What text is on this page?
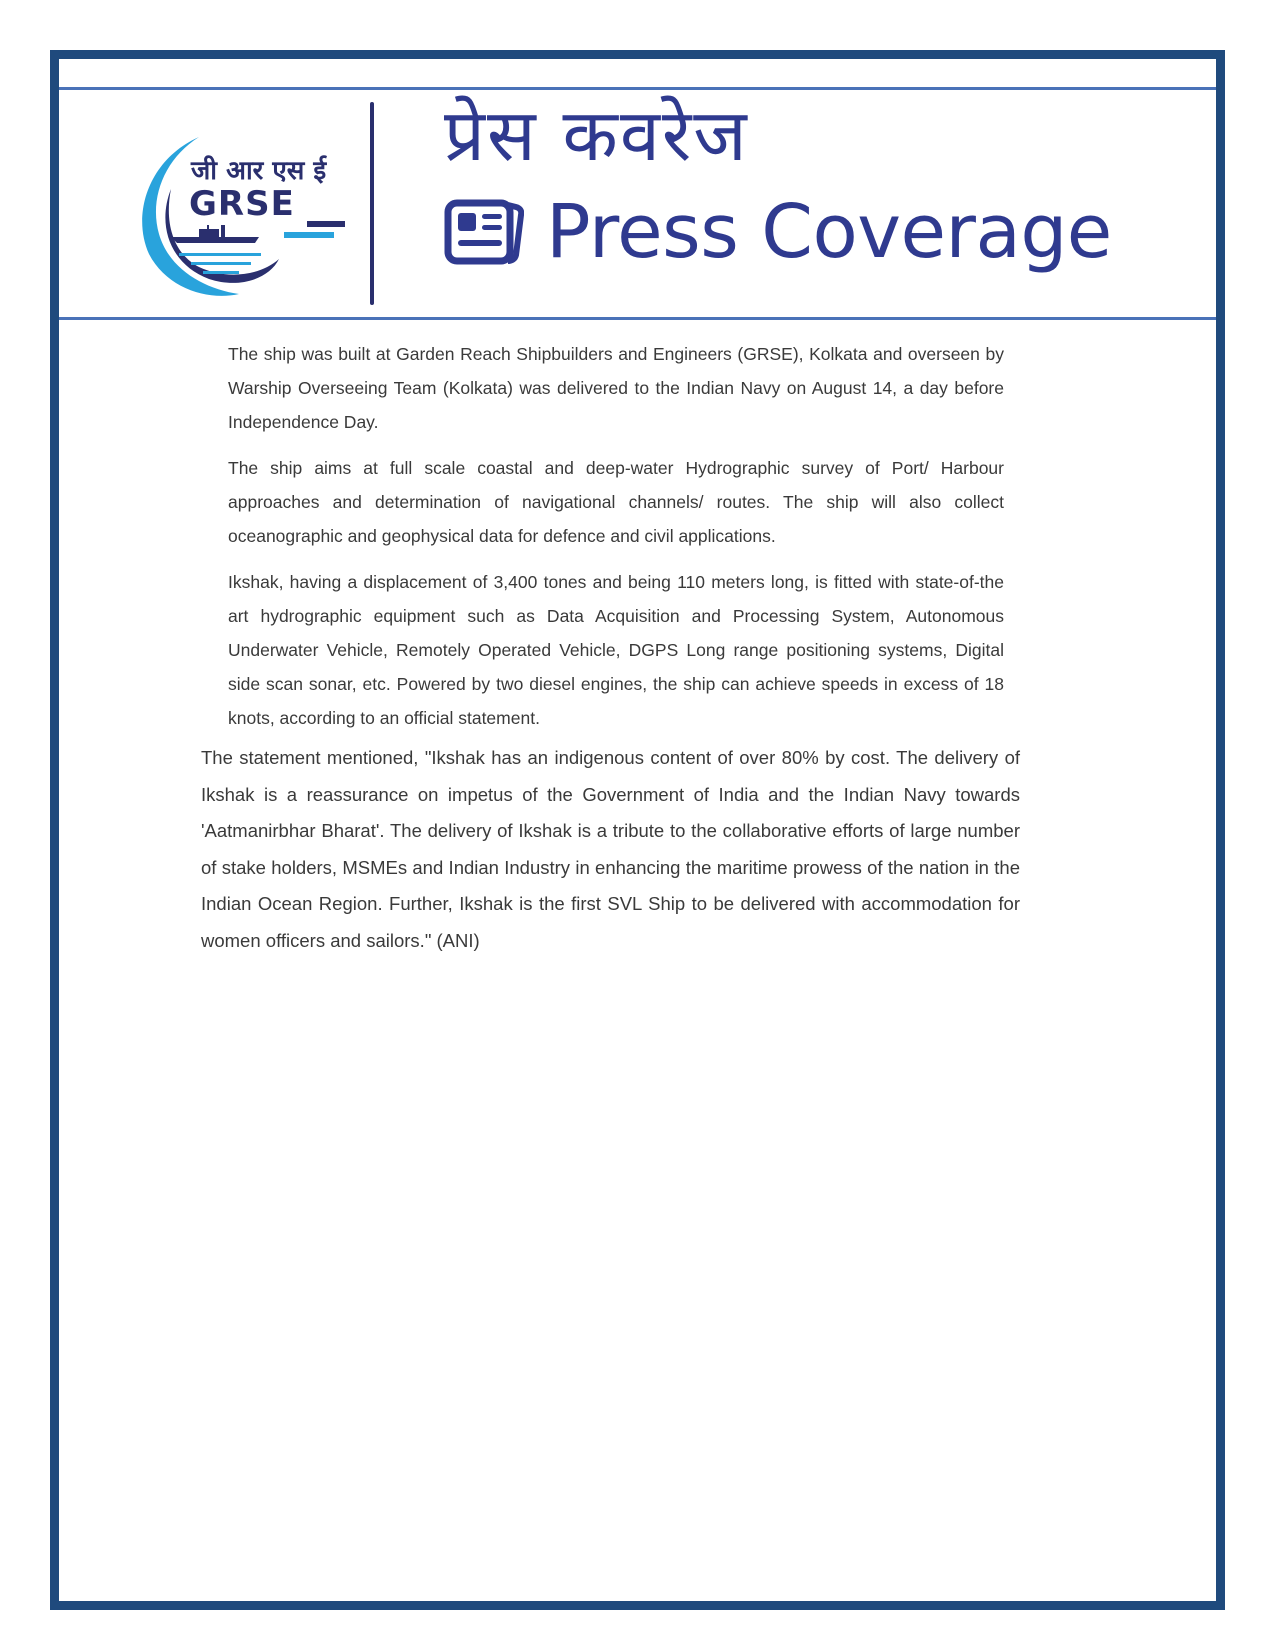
जी आर एस ई
GRSE
प्रेस कवरेज
Press Coverage

The ship was built at Garden Reach Shipbuilders and Engineers (GRSE), Kolkata and overseen by Warship Overseeing Team (Kolkata) was delivered to the Indian Navy on August 14, a day before Independence Day.

The ship aims at full scale coastal and deep-water Hydrographic survey of Port/ Harbour approaches and determination of navigational channels/ routes. The ship will also collect oceanographic and geophysical data for defence and civil applications.

Ikshak, having a displacement of 3,400 tones and being 110 meters long, is fitted with state-of-the art hydrographic equipment such as Data Acquisition and Processing System, Autonomous Underwater Vehicle, Remotely Operated Vehicle, DGPS Long range positioning systems, Digital side scan sonar, etc. Powered by two diesel engines, the ship can achieve speeds in excess of 18 knots, according to an official statement.

The statement mentioned, "Ikshak has an indigenous content of over 80% by cost. The delivery of Ikshak is a reassurance on impetus of the Government of India and the Indian Navy towards 'Aatmanirbhar Bharat'. The delivery of Ikshak is a tribute to the collaborative efforts of large number of stake holders, MSMEs and Indian Industry in enhancing the maritime prowess of the nation in the Indian Ocean Region. Further, Ikshak is the first SVL Ship to be delivered with accommodation for women officers and sailors." (ANI)
